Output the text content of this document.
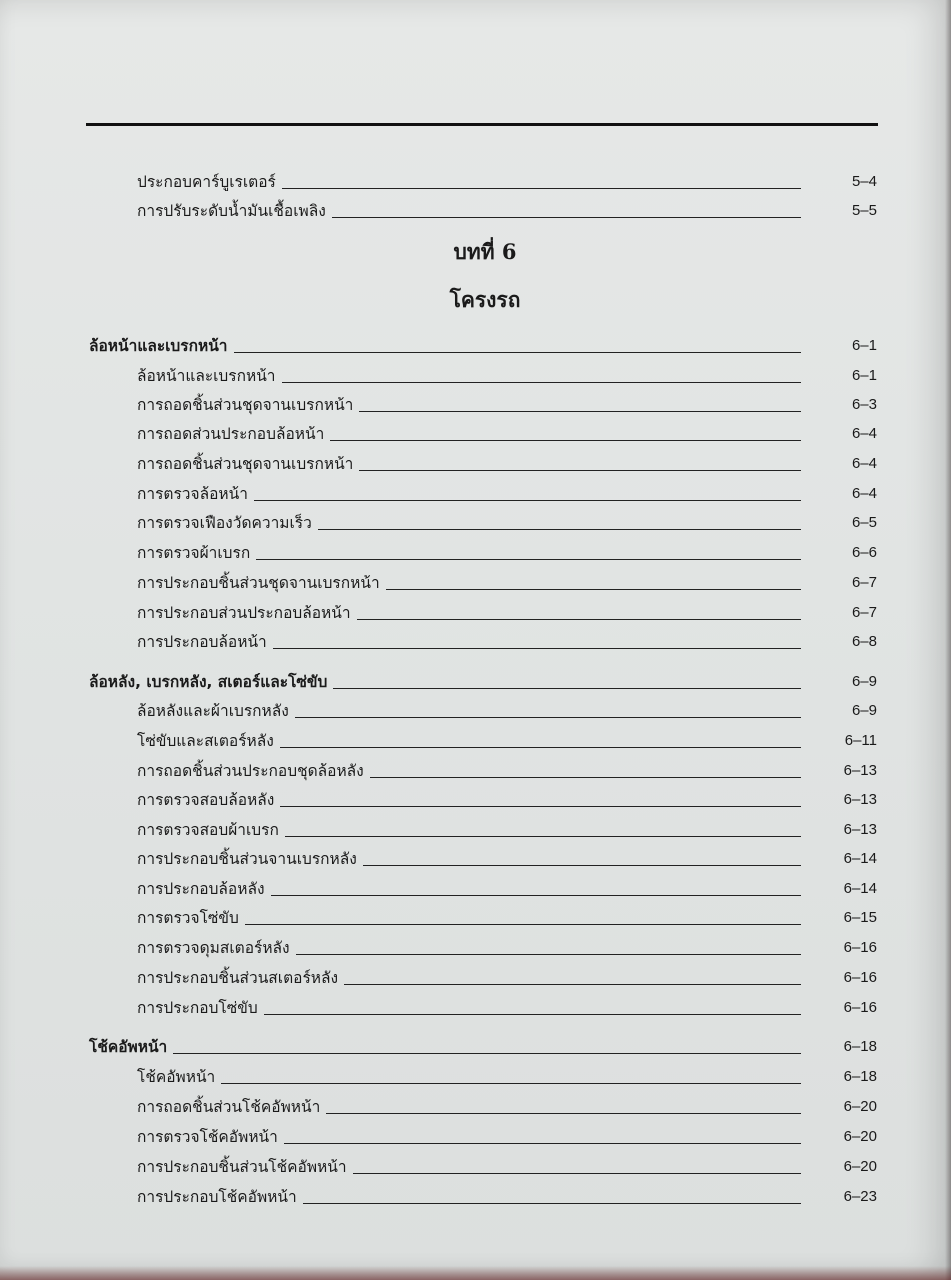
ประกอบคาร์บูเรเตอร์	5–4
การปรับระดับน้ำมันเชื้อเพลิง	5–5
บทที่ 6
โครงรถ
ล้อหน้าและเบรกหน้า	6–1
ล้อหน้าและเบรกหน้า	6–1
การถอดชิ้นส่วนชุดจานเบรกหน้า	6–3
การถอดส่วนประกอบล้อหน้า	6–4
การถอดชิ้นส่วนชุดจานเบรกหน้า	6–4
การตรวจล้อหน้า	6–4
การตรวจเฟืองวัดความเร็ว	6–5
การตรวจผ้าเบรก	6–6
การประกอบชิ้นส่วนชุดจานเบรกหน้า	6–7
การประกอบส่วนประกอบล้อหน้า	6–7
การประกอบล้อหน้า	6–8
ล้อหลัง, เบรกหลัง, สเตอร์และโซ่ขับ	6–9
ล้อหลังและผ้าเบรกหลัง	6–9
โซ่ขับและสเตอร์หลัง	6–11
การถอดชิ้นส่วนประกอบชุดล้อหลัง	6–13
การตรวจสอบล้อหลัง	6–13
การตรวจสอบผ้าเบรก	6–13
การประกอบชิ้นส่วนจานเบรกหลัง	6–14
การประกอบล้อหลัง	6–14
การตรวจโซ่ขับ	6–15
การตรวจดุมสเตอร์หลัง	6–16
การประกอบชิ้นส่วนสเตอร์หลัง	6–16
การประกอบโซ่ขับ	6–16
โช้คอัพหน้า	6–18
โช้คอัพหน้า	6–18
การถอดชิ้นส่วนโช้คอัพหน้า	6–20
การตรวจโช้คอัพหน้า	6–20
การประกอบชิ้นส่วนโช้คอัพหน้า	6–20
การประกอบโช้คอัพหน้า	6–23
